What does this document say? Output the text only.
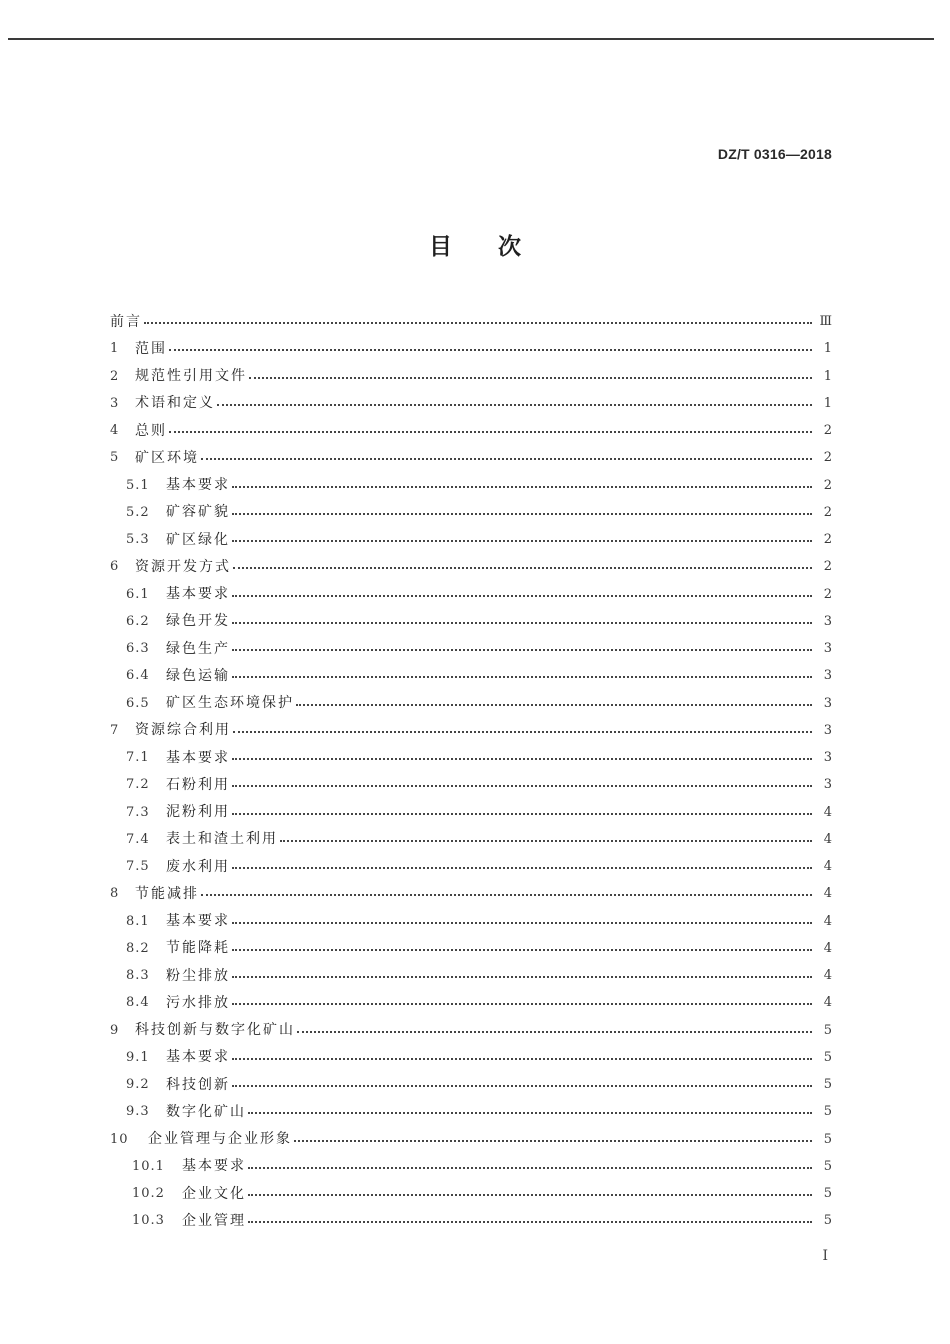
DZ/T 0316—2018
目次
前言	Ⅲ
1	范围	1
2	规范性引用文件	1
3	术语和定义	1
4	总则	2
5	矿区环境	2
5.1	基本要求	2
5.2	矿容矿貌	2
5.3	矿区绿化	2
6	资源开发方式	2
6.1	基本要求	2
6.2	绿色开发	3
6.3	绿色生产	3
6.4	绿色运输	3
6.5	矿区生态环境保护	3
7	资源综合利用	3
7.1	基本要求	3
7.2	石粉利用	3
7.3	泥粉利用	4
7.4	表土和渣土利用	4
7.5	废水利用	4
8	节能减排	4
8.1	基本要求	4
8.2	节能降耗	4
8.3	粉尘排放	4
8.4	污水排放	4
9	科技创新与数字化矿山	5
9.1	基本要求	5
9.2	科技创新	5
9.3	数字化矿山	5
10	企业管理与企业形象	5
10.1	基本要求	5
10.2	企业文化	5
10.3	企业管理	5
I
